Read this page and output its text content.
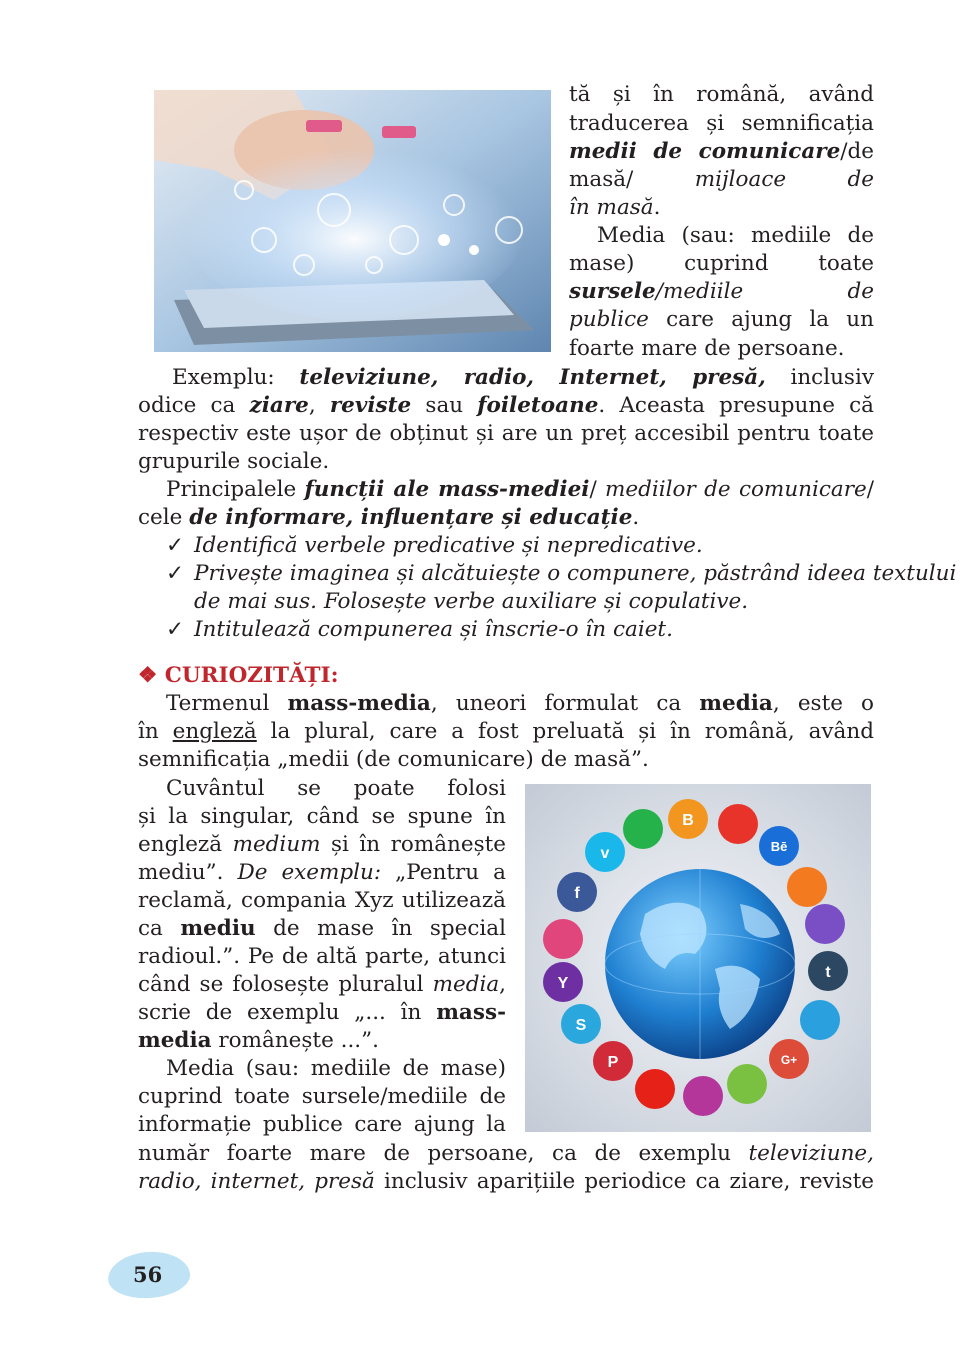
tă și în română, având
traducerea și semnificația
medii de comunicare/de
masă/ mijloace de
în masă.
Media (sau: mediile de
mase) cuprind toate
sursele/mediile de
publice care ajung la un
foarte mare de persoane.
Exemplu: televiziune, radio, Internet, presă, inclusiv
odice ca ziare, reviste sau foiletoane. Aceasta presupune că
respectiv este ușor de obținut și are un preț accesibil pentru toate
grupurile sociale.
Principalele funcții ale mass-mediei/ mediilor de comunicare/
cele de informare, influențare și educație.
✓ Identifică verbele predicative și nepredicative.
✓ Privește imaginea și alcătuiește o compunere, păstrând ideea textului
de mai sus. Folosește verbe auxiliare și copulative.
✓ Intitulează compunerea și înscrie-o în caiet.
❖ CURIOZITĂȚI:
Termenul mass-media, uneori formulat ca media, este o
în engleză la plural, care a fost preluată și în română, având
semnificația „medii (de comunicare) de masă”.
f
Y
t
Bē
G+
P
B
S
v
Cuvântul se poate folosi
și la singular, când se spune în
engleză medium și în românește
mediu”. De exemplu: „Pentru a
reclamă, compania Xyz utilizează
ca mediu de mase în special
radioul.”. Pe de altă parte, atunci
când se folosește pluralul media,
scrie de exemplu „... în mass-
media românește ...”.
Media (sau: mediile de mase)
cuprind toate sursele/mediile de
informație publice care ajung la
număr foarte mare de persoane, ca de exemplu televiziune,
radio, internet, presă inclusiv aparițiile periodice ca ziare, reviste
56
